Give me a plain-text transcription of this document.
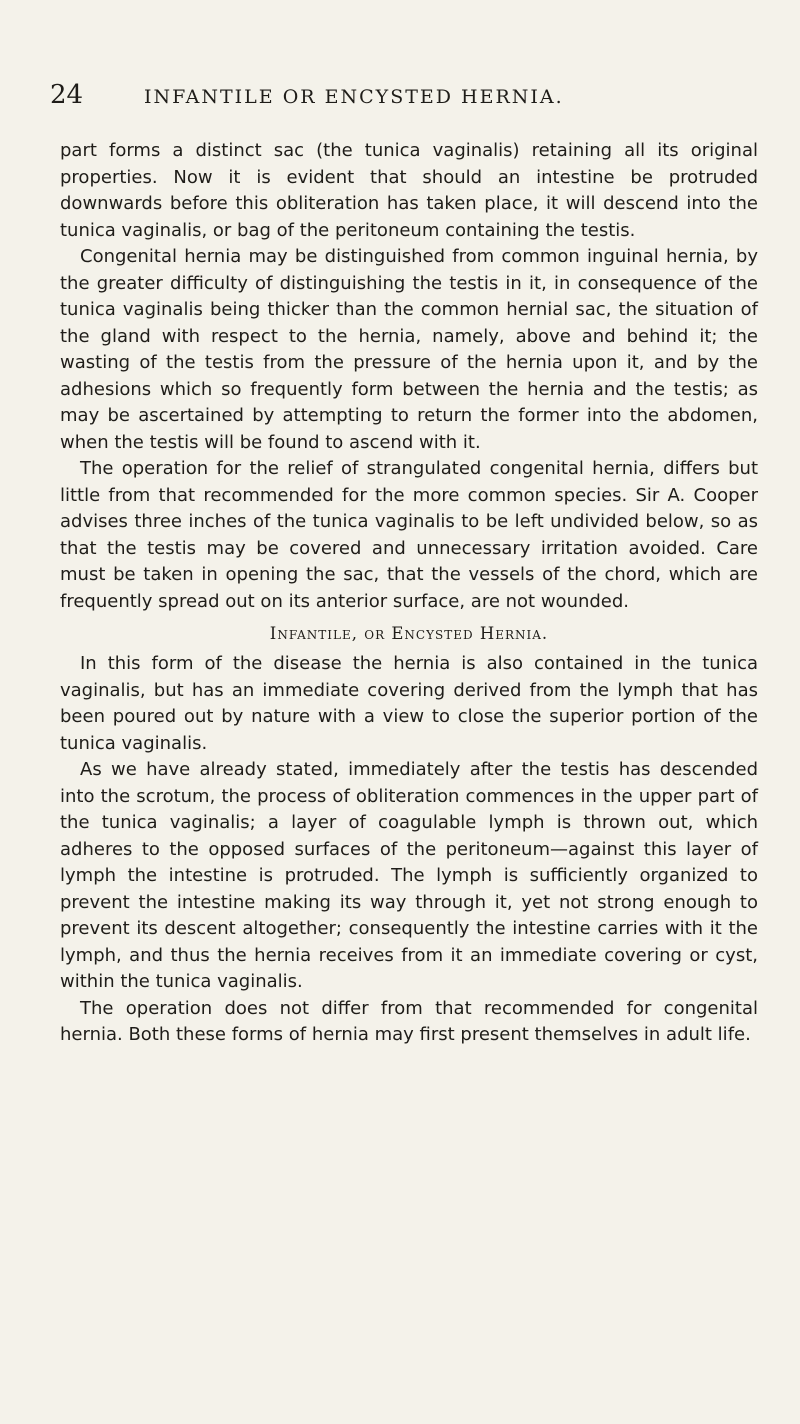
24	INFANTILE OR ENCYSTED HERNIA.

part forms a distinct sac (the tunica vaginalis) retaining all its original properties. Now it is evident that should an intestine be protruded downwards before this obliteration has taken place, it will descend into the tunica vaginalis, or bag of the peritoneum containing the testis.

Congenital hernia may be distinguished from common inguinal hernia, by the greater difficulty of distinguishing the testis in it, in consequence of the tunica vaginalis being thicker than the common hernial sac, the situation of the gland with respect to the hernia, namely, above and behind it; the wasting of the testis from the pressure of the hernia upon it, and by the adhesions which so frequently form between the hernia and the testis; as may be ascertained by attempting to return the former into the abdomen, when the testis will be found to ascend with it.

The operation for the relief of strangulated congenital hernia, differs but little from that recommended for the more common species. Sir A. Cooper advises three inches of the tunica vaginalis to be left undivided below, so as that the testis may be covered and unnecessary irritation avoided. Care must be taken in opening the sac, that the vessels of the chord, which are frequently spread out on its anterior surface, are not wounded.

Infantile, or Encysted Hernia.

In this form of the disease the hernia is also contained in the tunica vaginalis, but has an immediate covering derived from the lymph that has been poured out by nature with a view to close the superior portion of the tunica vaginalis.

As we have already stated, immediately after the testis has descended into the scrotum, the process of obliteration commences in the upper part of the tunica vaginalis; a layer of coagulable lymph is thrown out, which adheres to the opposed surfaces of the peritoneum—against this layer of lymph the intestine is protruded. The lymph is sufficiently organized to prevent the intestine making its way through it, yet not strong enough to prevent its descent altogether; consequently the intestine carries with it the lymph, and thus the hernia receives from it an immediate covering or cyst, within the tunica vaginalis.

The operation does not differ from that recommended for congenital hernia. Both these forms of hernia may first present themselves in adult life.
